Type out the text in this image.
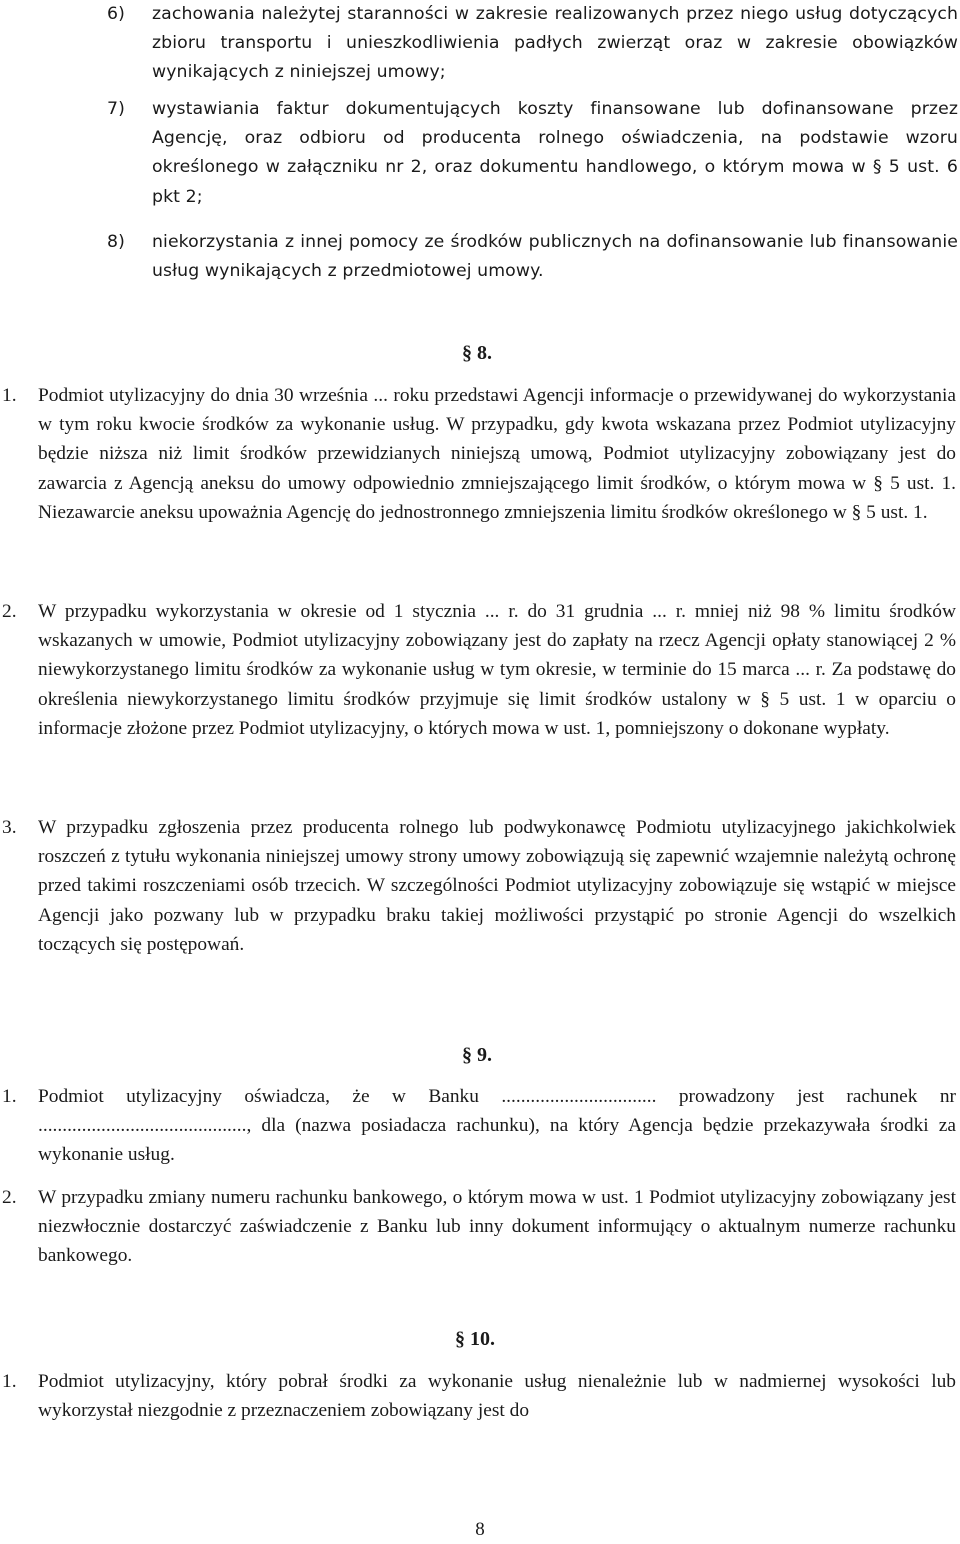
6) zachowania należytej staranności w zakresie realizowanych przez niego usług dotyczących zbioru transportu i unieszkodliwienia padłych zwierząt oraz w zakresie obowiązków wynikających z niniejszej umowy;
7) wystawiania faktur dokumentujących koszty finansowane lub dofinansowane przez Agencję, oraz odbioru od producenta rolnego oświadczenia, na podstawie wzoru określonego w załączniku nr 2, oraz dokumentu handlowego, o którym mowa w § 5 ust. 6 pkt 2;
8) niekorzystania z innej pomocy ze środków publicznych na dofinansowanie lub finansowanie usług wynikających z przedmiotowej umowy.
§ 8.
1. Podmiot utylizacyjny do dnia 30 września ... roku przedstawi Agencji informacje o przewidywanej do wykorzystania w tym roku kwocie środków za wykonanie usług. W przypadku, gdy kwota wskazana przez Podmiot utylizacyjny będzie niższa niż limit środków przewidzianych niniejszą umową, Podmiot utylizacyjny zobowiązany jest do zawarcia z Agencją aneksu do umowy odpowiednio zmniejszającego limit środków, o którym mowa w § 5 ust. 1. Niezawarcie aneksu upoważnia Agencję do jednostronnego zmniejszenia limitu środków określonego w § 5 ust. 1.
2. W przypadku wykorzystania w okresie od 1 stycznia ... r. do 31 grudnia ... r. mniej niż 98 % limitu środków wskazanych w umowie, Podmiot utylizacyjny zobowiązany jest do zapłaty na rzecz Agencji opłaty stanowiącej 2 % niewykorzystanego limitu środków za wykonanie usług w tym okresie, w terminie do 15 marca ... r. Za podstawę do określenia niewykorzystanego limitu środków przyjmuje się limit środków ustalony w § 5 ust. 1 w oparciu o informacje złożone przez Podmiot utylizacyjny, o których mowa w ust. 1, pomniejszony o dokonane wypłaty.
3. W przypadku zgłoszenia przez producenta rolnego lub podwykonawcę Podmiotu utylizacyjnego jakichkolwiek roszczeń z tytułu wykonania niniejszej umowy strony umowy zobowiązują się zapewnić wzajemnie należytą ochronę przed takimi roszczeniami osób trzecich. W szczególności Podmiot utylizacyjny zobowiązuje się wstąpić w miejsce Agencji jako pozwany lub w przypadku braku takiej możliwości przystąpić po stronie Agencji do wszelkich toczących się postępowań.
§ 9.
1. Podmiot utylizacyjny oświadcza, że w Banku ................................ prowadzony jest rachunek nr ..........................................., dla (nazwa posiadacza rachunku), na który Agencja będzie przekazywała środki za wykonanie usług.
2. W przypadku zmiany numeru rachunku bankowego, o którym mowa w ust. 1 Podmiot utylizacyjny zobowiązany jest niezwłocznie dostarczyć zaświadczenie z Banku lub inny dokument informujący o aktualnym numerze rachunku bankowego.
§ 10.
1. Podmiot utylizacyjny, który pobrał środki za wykonanie usług nienależnie lub w nadmiernej wysokości lub wykorzystał niezgodnie z przeznaczeniem zobowiązany jest do
8
